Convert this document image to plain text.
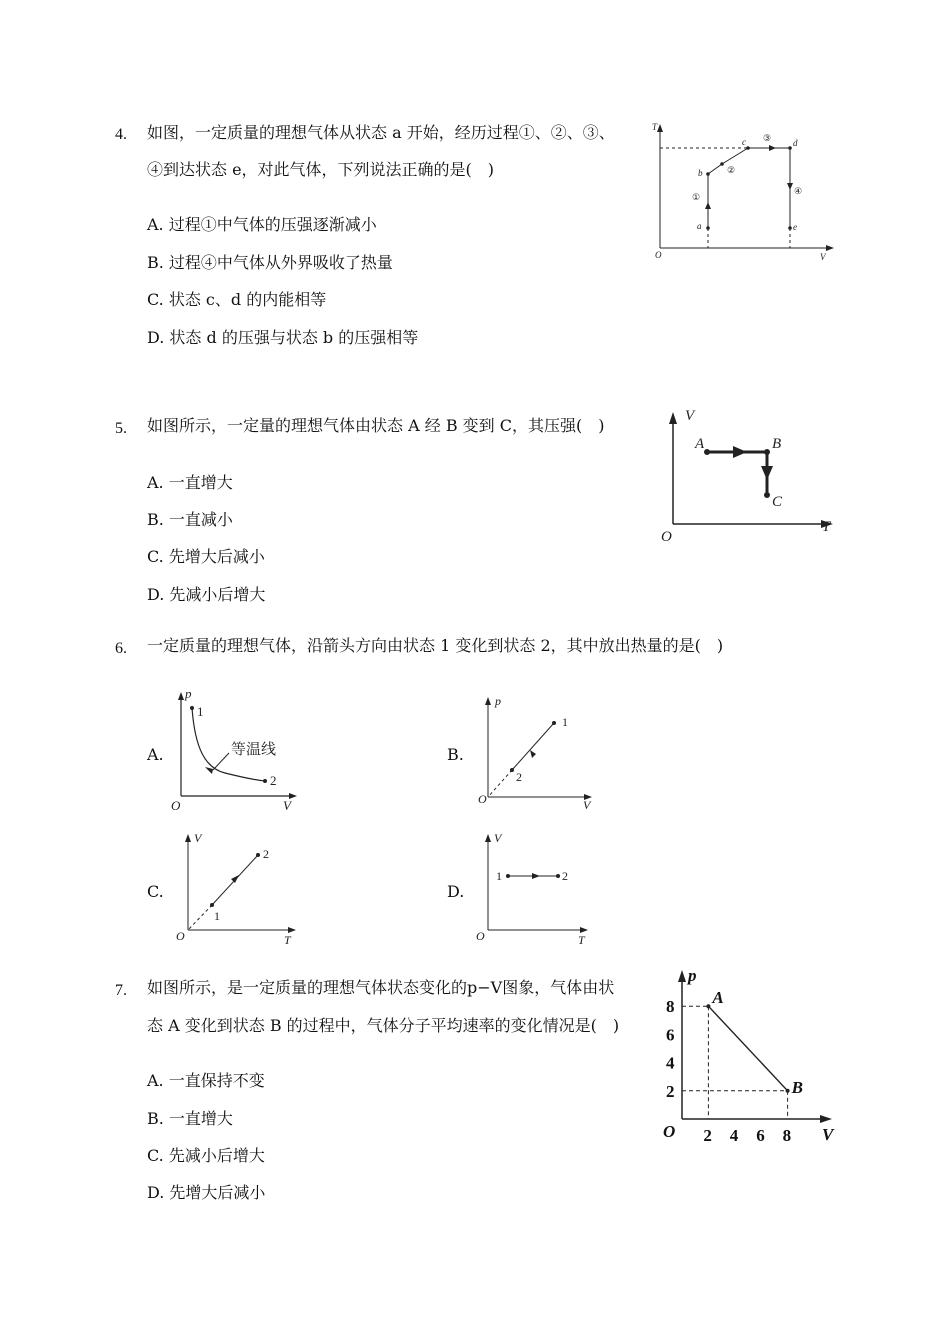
4. 如图，一定质量的理想气体从状态 a 开始，经历过程①、②、③、
④到达状态 e，对此气体，下列说法正确的是(　)
A. 过程①中气体的压强逐渐减小
B. 过程④中气体从外界吸收了热量
C. 状态 c、d 的内能相等
D. 状态 d 的压强与状态 b 的压强相等
T
V
O
a
b
c	d
e
①
②
③
④
5. 如图所示，一定量的理想气体由状态 A 经 B 变到 C，其压强(　)
A. 一直增大
B. 一直减小
C. 先增大后减小
D. 先减小后增大
V
T
O
A	B
C
6. 一定质量的理想气体，沿箭头方向由状态 1 变化到状态 2，其中放出热量的是(　)
A.
p
V
O
1
2
等温线	B.
p
V
O
1
2
C.
V
T
O
1
2
D.
V
T
O
1	2
7. 如图所示，是一定质量的理想气体状态变化的p−V图象，气体由状
态 A 变化到状态 B 的过程中，气体分子平均速率的变化情况是(　)
A. 一直保持不变
B. 一直增大
C. 先减小后增大
D. 先增大后减小
p
V
O 2 4 6 8
2
4
6
8 A
B
